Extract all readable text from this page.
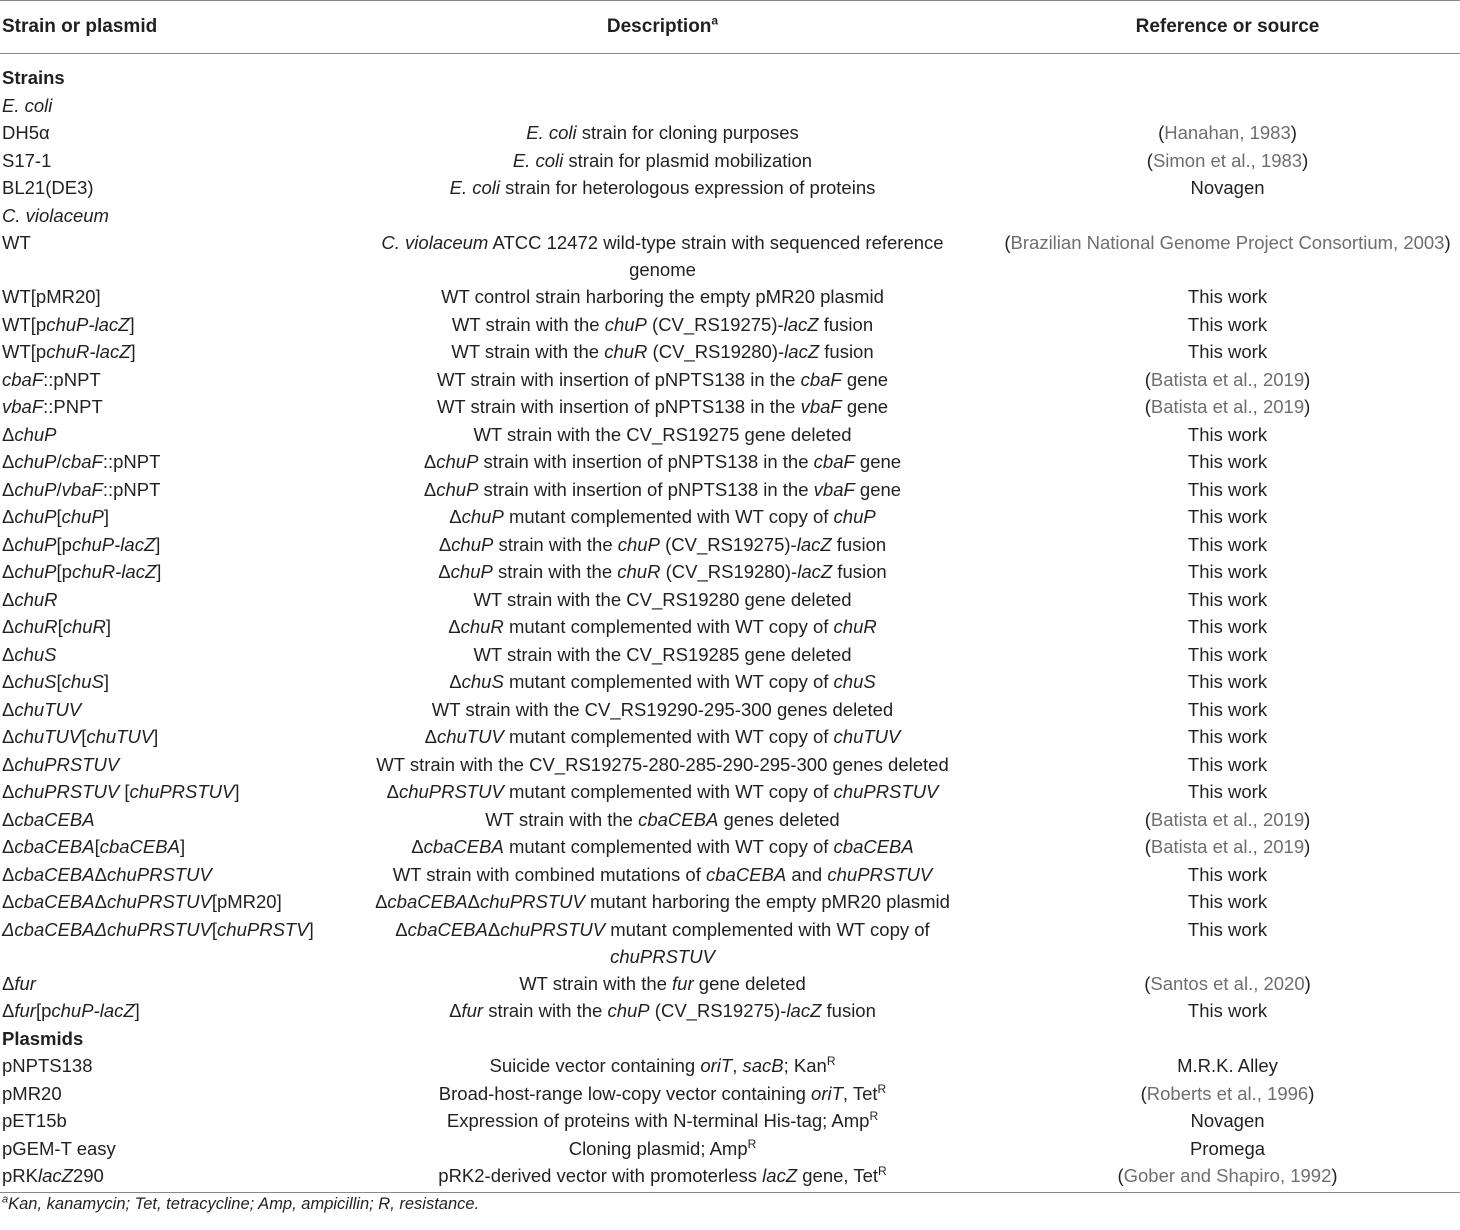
Strain or plasmid	Description$^a$	Reference or source
Strains		
E. coli		
DH5α	E. coli strain for cloning purposes	(Hanahan, 1983)
S17-1	E. coli strain for plasmid mobilization	(Simon et al., 1983)
BL21(DE3)	E. coli strain for heterologous expression of proteins	Novagen
C. violaceum		
WT	C. violaceum ATCC 12472 wild-type strain with sequenced reference genome	(Brazilian National Genome Project Consortium, 2003)
WT[pMR20]	WT control strain harboring the empty pMR20 plasmid	This work
WT[pchuP-lacZ]	WT strain with the chuP (CV_RS19275)-lacZ fusion	This work
WT[pchuR-lacZ]	WT strain with the chuR (CV_RS19280)-lacZ fusion	This work
cbaF::pNPT	WT strain with insertion of pNPTS138 in the cbaF gene	(Batista et al., 2019)
vbaF::PNPT	WT strain with insertion of pNPTS138 in the vbaF gene	(Batista et al., 2019)
ΔchuP	WT strain with the CV_RS19275 gene deleted	This work
ΔchuP/cbaF::pNPT	ΔchuP strain with insertion of pNPTS138 in the cbaF gene	This work
ΔchuP/vbaF::pNPT	ΔchuP strain with insertion of pNPTS138 in the vbaF gene	This work
ΔchuP[chuP]	ΔchuP mutant complemented with WT copy of chuP	This work
ΔchuP[pchuP-lacZ]	ΔchuP strain with the chuP (CV_RS19275)-lacZ fusion	This work
ΔchuP[pchuR-lacZ]	ΔchuP strain with the chuR (CV_RS19280)-lacZ fusion	This work
ΔchuR	WT strain with the CV_RS19280 gene deleted	This work
ΔchuR[chuR]	ΔchuR mutant complemented with WT copy of chuR	This work
ΔchuS	WT strain with the CV_RS19285 gene deleted	This work
ΔchuS[chuS]	ΔchuS mutant complemented with WT copy of chuS	This work
ΔchuTUV	WT strain with the CV_RS19290-295-300 genes deleted	This work
ΔchuTUV[chuTUV]	ΔchuTUV mutant complemented with WT copy of chuTUV	This work
ΔchuPRSTUV	WT strain with the CV_RS19275-280-285-290-295-300 genes deleted	This work
ΔchuPRSTUV [chuPRSTUV]	ΔchuPRSTUV mutant complemented with WT copy of chuPRSTUV	This work
ΔcbaCEBA	WT strain with the cbaCEBA genes deleted	(Batista et al., 2019)
ΔcbaCEBA[cbaCEBA]	ΔcbaCEBA mutant complemented with WT copy of cbaCEBA	(Batista et al., 2019)
ΔcbaCEBAΔchuPRSTUV	WT strain with combined mutations of cbaCEBA and chuPRSTUV	This work
ΔcbaCEBAΔchuPRSTUV[pMR20]	ΔcbaCEBAΔchuPRSTUV mutant harboring the empty pMR20 plasmid	This work
ΔcbaCEBAΔchuPRSTUV[chuPRSTV]	ΔcbaCEBAΔchuPRSTUV mutant complemented with WT copy of chuPRSTUV	This work
Δfur	WT strain with the fur gene deleted	(Santos et al., 2020)
Δfur[pchuP-lacZ]	Δfur strain with the chuP (CV_RS19275)-lacZ fusion	This work
Plasmids		
pNPTS138	Suicide vector containing oriT, sacB; Kan$^R$	M.R.K. Alley
pMR20	Broad-host-range low-copy vector containing oriT, Tet$^R$	(Roberts et al., 1996)
pET15b	Expression of proteins with N-terminal His-tag; Amp$^R$	Novagen
pGEM-T easy	Cloning plasmid; Amp$^R$	Promega
pRKlacZ290	pRK2-derived vector with promoterless lacZ gene, Tet$^R$	(Gober and Shapiro, 1992)
$^a$Kan, kanamycin; Tet, tetracycline; Amp, ampicillin; R, resistance.
